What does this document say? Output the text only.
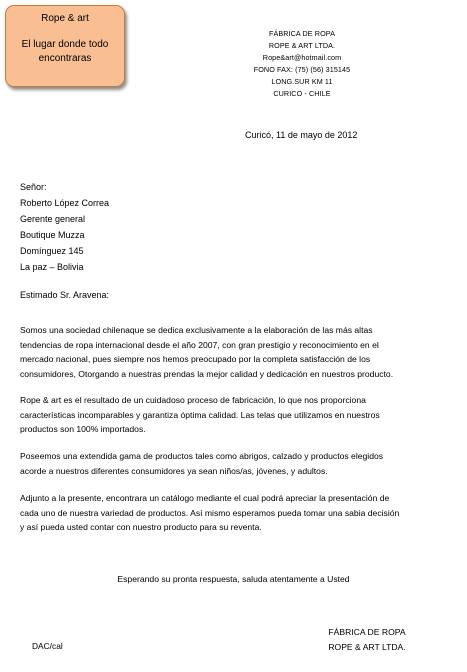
Rope & art
El lugar donde todo
encontraras
FÁBRICA DE ROPA
ROPE & ART LTDA.
Rope&art@hotmail.com
FONO FAX: (75) (56) 315145
LONG.SUR KM 11
CURICO - CHILE
Curicó, 11 de mayo de 2012
Señor:
Roberto López Correa
Gerente general
Boutique Muzza
Domínguez 145
La paz – Bolivia
Estimado Sr. Aravena:
Somos una sociedad chilenaque se dedica exclusivamente a la elaboración de las más altas
tendencias de ropa internacional desde el año 2007, con gran prestigio y reconocimiento en el
mercado nacional, pues siempre nos hemos preocupado por la completa satisfacción de los
consumidores, Otorgando a nuestras prendas la mejor calidad y dedicación en nuestros producto.
Rope & art es el resultado de un cuidadoso proceso de fabricación, lo que nos proporciona
características incomparables y garantiza óptima calidad. Las telas que utilizamos en nuestros
productos son 100% importados.
Poseemos una extendida gama de productos tales como abrigos, calzado y productos elegidos
acorde a nuestros diferentes consumidores ya sean niños/as, jóvenes, y adultos.
Adjunto a la presente, encontrara un catálogo mediante el cual podrá apreciar la presentación de
cada uno de nuestra variedad de productos. Así mismo esperamos pueda tomar una sabia decisión
y así pueda usted contar con nuestro producto para su reventa.
Esperando su pronta respuesta, saluda atentamente a Usted
DAC/cal
FÁBRICA DE ROPA
ROPE & ART LTDA.
